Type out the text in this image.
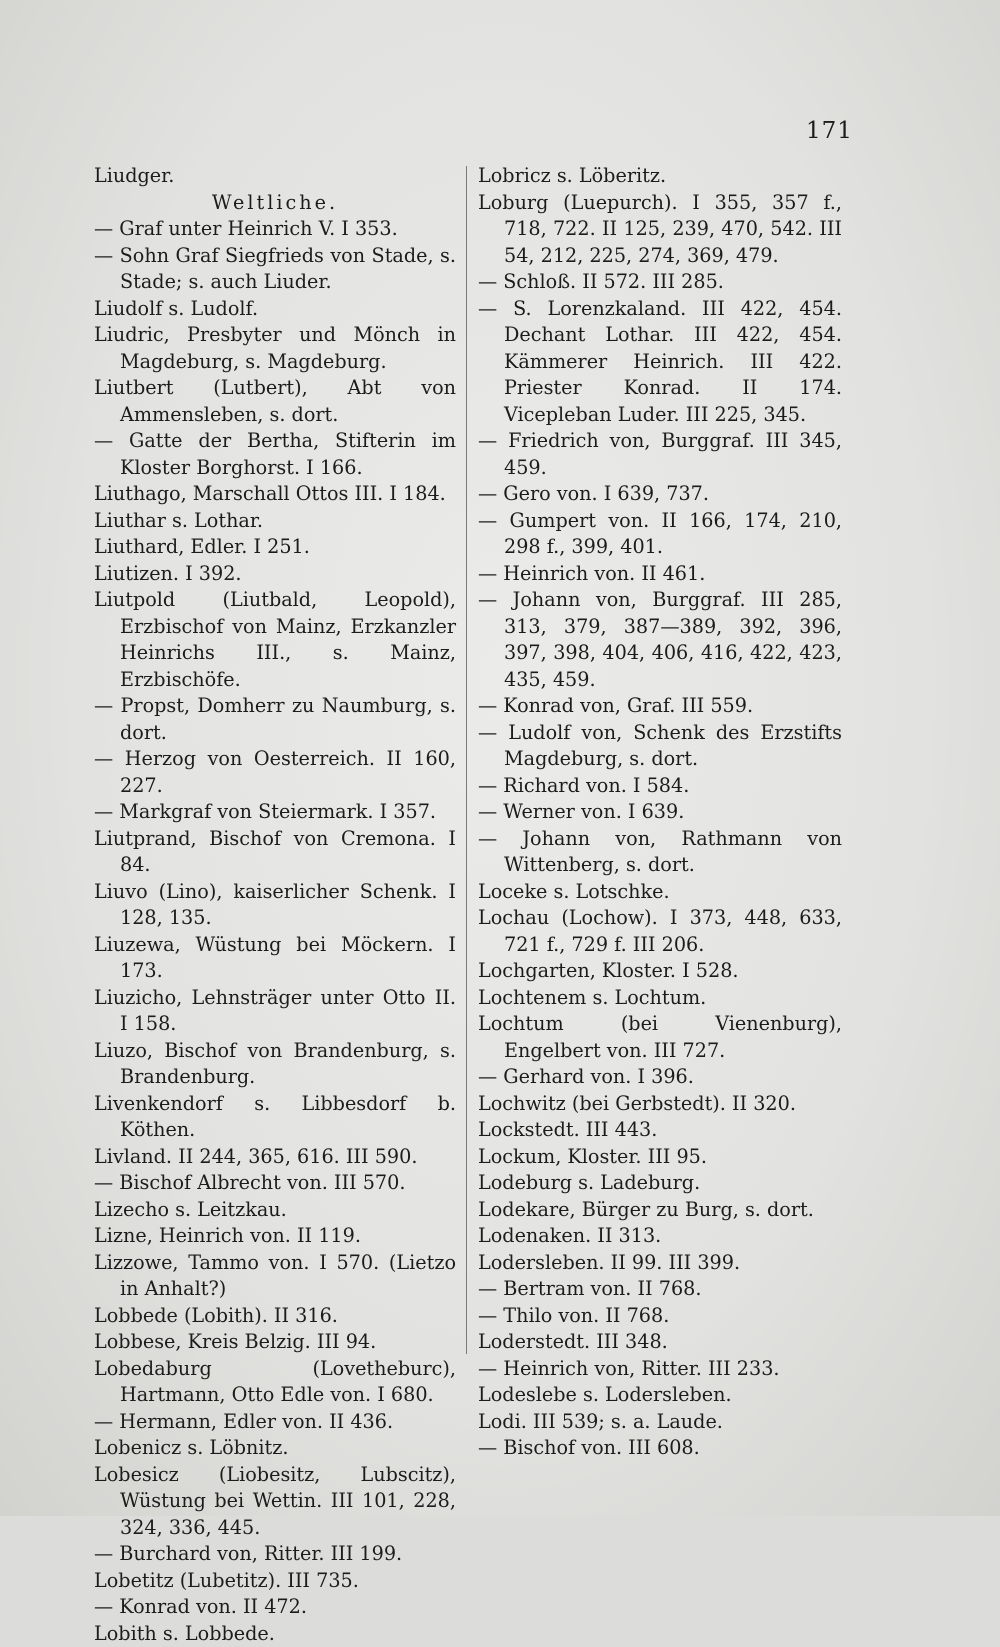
171
Liudger.
Weltliche.
— Graf unter Heinrich V. I 353.
— Sohn Graf Siegfrieds von Stade, s. Stade; s. auch Liuder.
Liudolf s. Ludolf.
Liudric, Presbyter und Mönch in Magdeburg, s. Magdeburg.
Liutbert (Lutbert), Abt von Ammensleben, s. dort.
— Gatte der Bertha, Stifterin im Kloster Borghorst. I 166.
Liuthago, Marschall Ottos III. I 184.
Liuthar s. Lothar.
Liuthard, Edler. I 251.
Liutizen. I 392.
Liutpold (Liutbald, Leopold), Erzbischof von Mainz, Erzkanzler Heinrichs III., s. Mainz, Erzbischöfe.
— Propst, Domherr zu Naumburg, s. dort.
— Herzog von Oesterreich. II 160, 227.
— Markgraf von Steiermark. I 357.
Liutprand, Bischof von Cremona. I 84.
Liuvo (Lino), kaiserlicher Schenk. I 128, 135.
Liuzewa, Wüstung bei Möckern. I 173.
Liuzicho, Lehnsträger unter Otto II. I 158.
Liuzo, Bischof von Brandenburg, s. Brandenburg.
Livenkendorf s. Libbesdorf b. Köthen.
Livland. II 244, 365, 616. III 590.
— Bischof Albrecht von. III 570.
Lizecho s. Leitzkau.
Lizne, Heinrich von. II 119.
Lizzowe, Tammo von. I 570. (Lietzo in Anhalt?)
Lobbede (Lobith). II 316.
Lobbese, Kreis Belzig. III 94.
Lobedaburg (Lovetheburc), Hartmann, Otto Edle von. I 680.
— Hermann, Edler von. II 436.
Lobenicz s. Löbnitz.
Lobesicz (Liobesitz, Lubscitz), Wüstung bei Wettin. III 101, 228, 324, 336, 445.
— Burchard von, Ritter. III 199.
Lobetitz (Lubetitz). III 735.
— Konrad von. II 472.
Lobith s. Lobbede.
Lobricz s. Löberitz.
Loburg (Luepurch). I 355, 357 f., 718, 722. II 125, 239, 470, 542. III 54, 212, 225, 274, 369, 479.
— Schloß. II 572. III 285.
— S. Lorenzkaland. III 422, 454. Dechant Lothar. III 422, 454. Kämmerer Heinrich. III 422. Priester Konrad. II 174. Vicepleban Luder. III 225, 345.
— Friedrich von, Burggraf. III 345, 459.
— Gero von. I 639, 737.
— Gumpert von. II 166, 174, 210, 298 f., 399, 401.
— Heinrich von. II 461.
— Johann von, Burggraf. III 285, 313, 379, 387—389, 392, 396, 397, 398, 404, 406, 416, 422, 423, 435, 459.
— Konrad von, Graf. III 559.
— Ludolf von, Schenk des Erzstifts Magdeburg, s. dort.
— Richard von. I 584.
— Werner von. I 639.
— Johann von, Rathmann von Wittenberg, s. dort.
Loceke s. Lotschke.
Lochau (Lochow). I 373, 448, 633, 721 f., 729 f. III 206.
Lochgarten, Kloster. I 528.
Lochtenem s. Lochtum.
Lochtum (bei Vienenburg), Engelbert von. III 727.
— Gerhard von. I 396.
Lochwitz (bei Gerbstedt). II 320.
Lockstedt. III 443.
Lockum, Kloster. III 95.
Lodeburg s. Ladeburg.
Lodekare, Bürger zu Burg, s. dort.
Lodenaken. II 313.
Lodersleben. II 99. III 399.
— Bertram von. II 768.
— Thilo von. II 768.
Loderstedt. III 348.
— Heinrich von, Ritter. III 233.
Lodeslebe s. Lodersleben.
Lodi. III 539; s. a. Laude.
— Bischof von. III 608.
